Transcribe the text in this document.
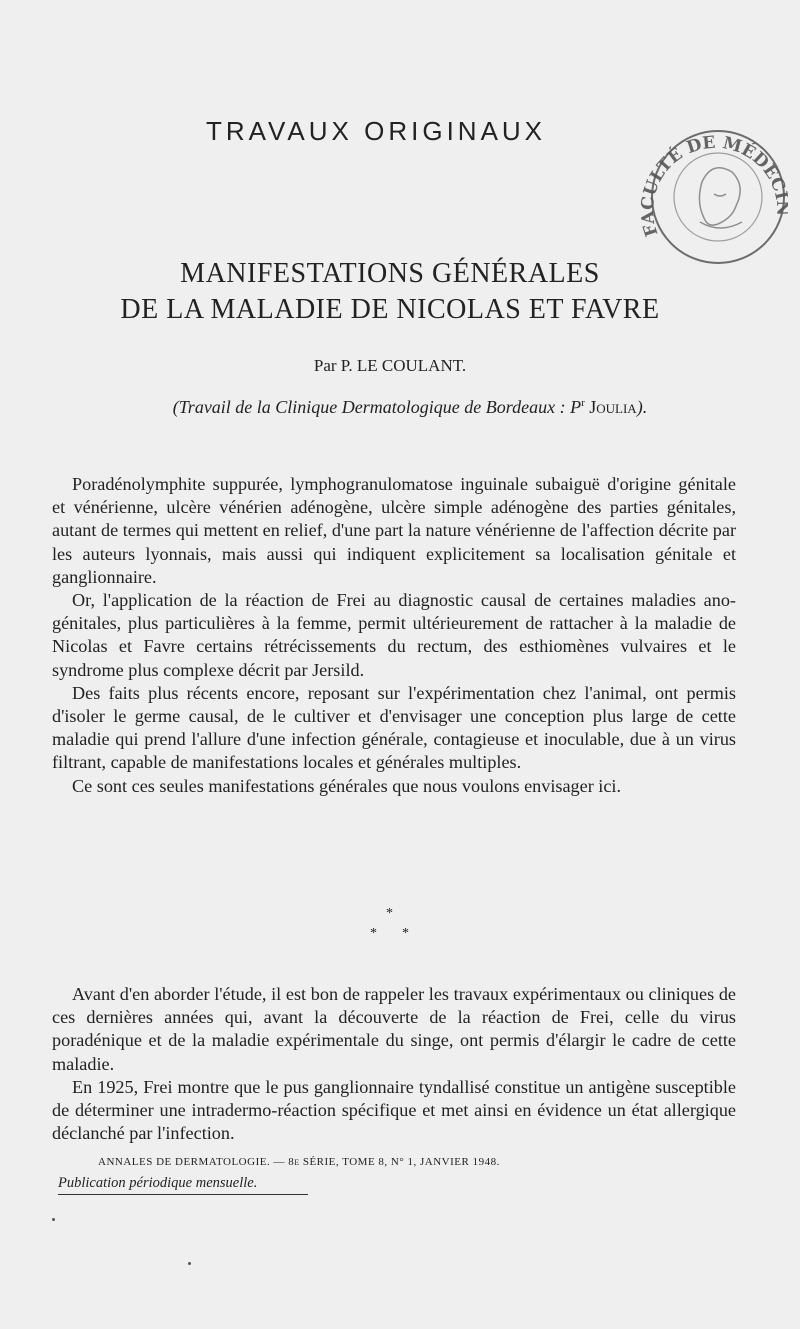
TRAVAUX ORIGINAUX
FACULTÉ DE MÉDEC
MANIFESTATIONS GÉNÉRALES
DE LA MALADIE DE NICOLAS ET FAVRE
Par P. LE COULANT.
(Travail de la Clinique Dermatologique de Bordeaux : $P^r$ Joulia).

Poradénolymphite suppurée, lymphogranulomatose inguinale subaiguë d'origine génitale et vénérienne, ulcère vénérien adénogène, ulcère simple adénogène des parties génitales, autant de termes qui mettent en relief, d'une part la nature vénérienne de l'affection décrite par les auteurs lyonnais, mais aussi qui indiquent explicitement sa localisation génitale et ganglionnaire.

Or, l'application de la réaction de Frei au diagnostic causal de certaines maladies ano-génitales, plus particulières à la femme, permit ultérieurement de rattacher à la maladie de Nicolas et Favre certains rétrécissements du rectum, des esthiomènes vulvaires et le syndrome plus complexe décrit par Jersild.

Des faits plus récents encore, reposant sur l'expérimentation chez l'animal, ont permis d'isoler le germe causal, de le cultiver et d'envisager une conception plus large de cette maladie qui prend l'allure d'une infection générale, contagieuse et inoculable, due à un virus filtrant, capable de manifestations locales et générales multiples.

Ce sont ces seules manifestations générales que nous voulons envisager ici.

*
* *

Avant d'en aborder l'étude, il est bon de rappeler les travaux expérimentaux ou cliniques de ces dernières années qui, avant la découverte de la réaction de Frei, celle du virus poradénique et de la maladie expérimentale du singe, ont permis d'élargir le cadre de cette maladie.

En 1925, Frei montre que le pus ganglionnaire tyndallisé constitue un antigène susceptible de déterminer une intradermo-réaction spécifique et met ainsi en évidence un état allergique déclanché par l'infection.

ANNALES DE DERMATOLOGIE. — 8e SÉRIE, TOME 8, N° 1, JANVIER 1948.
Publication périodique mensuelle.
